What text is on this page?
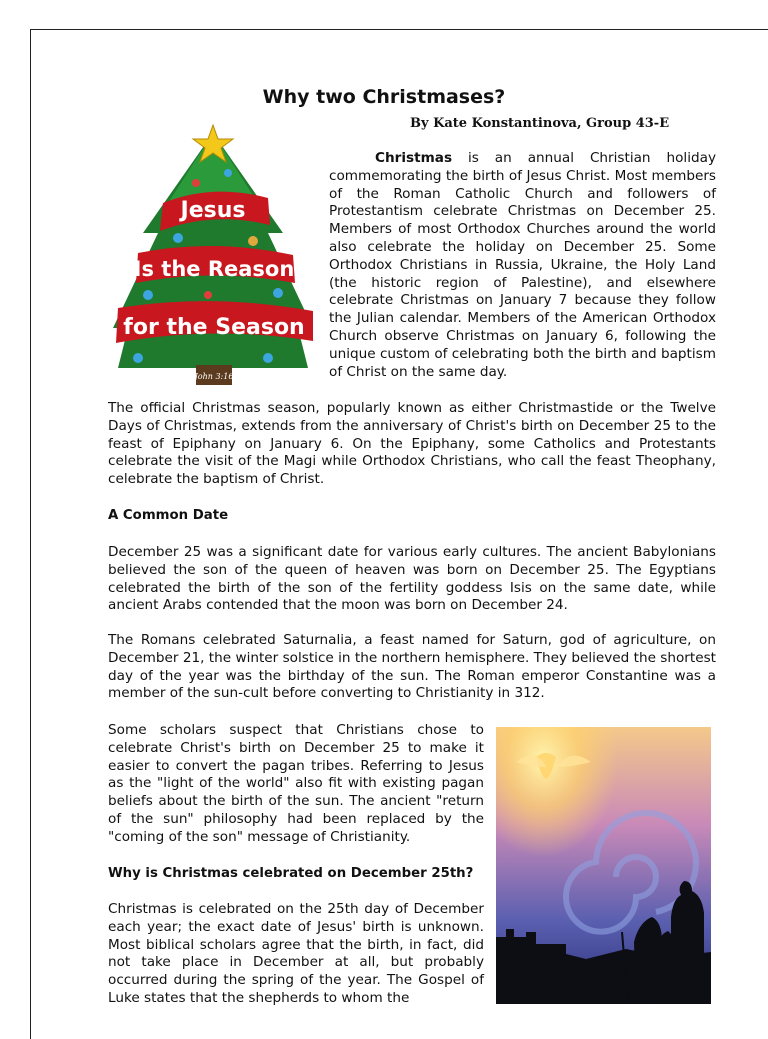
Why two Christmases?
By Kate Konstantinova, Group 43-E
Jesus
Is the Reason
for the Season
John 3:16

Christmas is an annual Christian holiday commemorating the birth of Jesus Christ. Most members of the Roman Catholic Church and followers of Protestantism celebrate Christmas on December 25. Members of most Orthodox Churches around the world also celebrate the holiday on December 25. Some Orthodox Christians in Russia, Ukraine, the Holy Land (the historic region of Palestine), and elsewhere celebrate Christmas on January 7 because they follow the Julian calendar. Members of the American Orthodox Church observe Christmas on January 6, following the unique custom of celebrating both the birth and baptism of Christ on the same day.

The official Christmas season, popularly known as either Christmastide or the Twelve Days of Christmas, extends from the anniversary of Christ's birth on December 25 to the feast of Epiphany on January 6. On the Epiphany, some Catholics and Protestants celebrate the visit of the Magi while Orthodox Christians, who call the feast Theophany, celebrate the baptism of Christ.

A Common Date

December 25 was a significant date for various early cultures. The ancient Babylonians believed the son of the queen of heaven was born on December 25. The Egyptians celebrated the birth of the son of the fertility goddess Isis on the same date, while ancient Arabs contended that the moon was born on December 24.

The Romans celebrated Saturnalia, a feast named for Saturn, god of agriculture, on December 21, the winter solstice in the northern hemisphere. They believed the shortest day of the year was the birthday of the sun. The Roman emperor Constantine was a member of the sun-cult before converting to Christianity in 312.

Some scholars suspect that Christians chose to celebrate Christ's birth on December 25 to make it easier to convert the pagan tribes. Referring to Jesus as the "light of the world" also fit with existing pagan beliefs about the birth of the sun. The ancient "return of the sun" philosophy had been replaced by the "coming of the son" message of Christianity.

Why is Christmas celebrated on December 25th?

Christmas is celebrated on the 25th day of December each year; the exact date of Jesus' birth is unknown. Most biblical scholars agree that the birth, in fact, did not take place in December at all, but probably occurred during the spring of the year. The Gospel of Luke states that the shepherds to whom the
